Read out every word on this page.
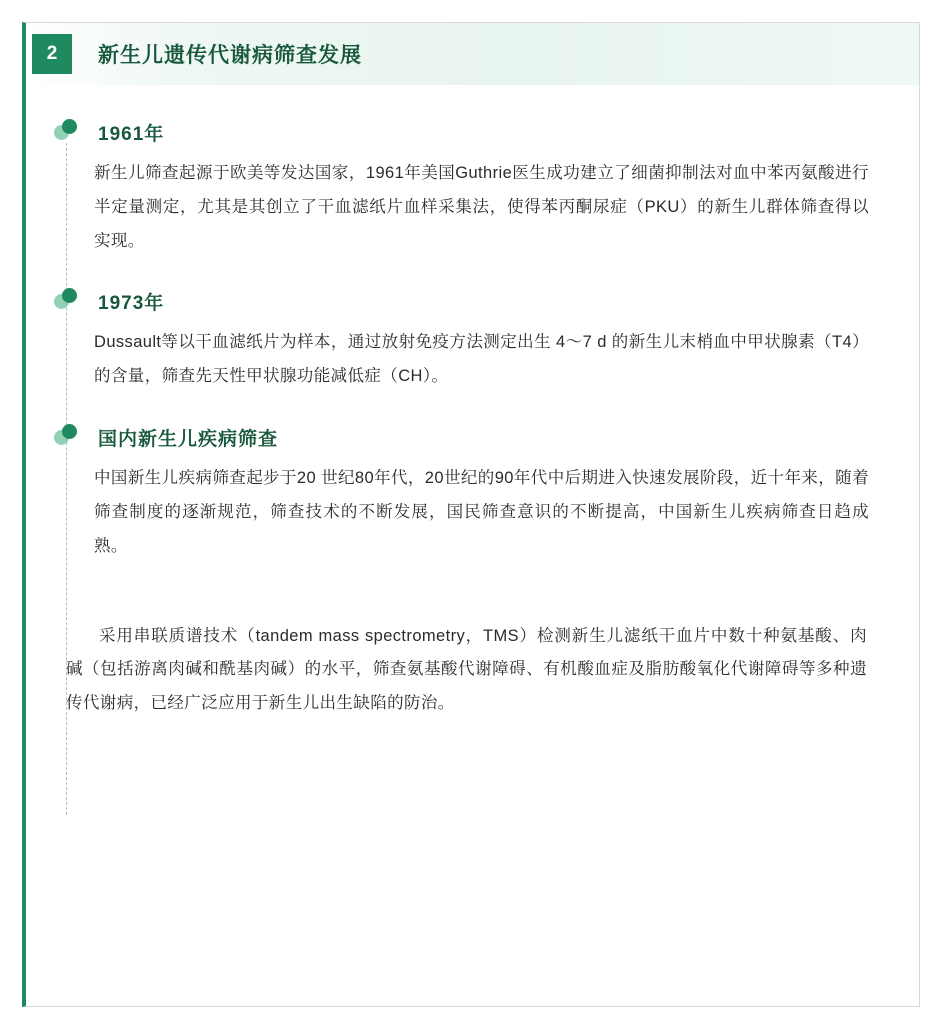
2	新生儿遗传代谢病筛查发展
1961年
新生儿筛查起源于欧美等发达国家，1961年美国Guthrie医生成功建立了细菌抑制法对血中苯丙氨酸进行半定量测定，尤其是其创立了干血滤纸片血样采集法，使得苯丙酮尿症（PKU）的新生儿群体筛查得以实现。
1973年
Dussault等以干血滤纸片为样本，通过放射免疫方法测定出生 4～7 d 的新生儿末梢血中甲状腺素（T4）的含量，筛查先天性甲状腺功能减低症（CH）。
国内新生儿疾病筛查
中国新生儿疾病筛查起步于20 世纪80年代，20世纪的90年代中后期进入快速发展阶段，近十年来，随着筛查制度的逐渐规范，筛查技术的不断发展，国民筛查意识的不断提高，中国新生儿疾病筛查日趋成熟。
采用串联质谱技术（tandem mass spectrometry，TMS）检测新生儿滤纸干血片中数十种氨基酸、肉碱（包括游离肉碱和酰基肉碱）的水平，筛查氨基酸代谢障碍、有机酸血症及脂肪酸氧化代谢障碍等多种遗传代谢病，已经广泛应用于新生儿出生缺陷的防治。
